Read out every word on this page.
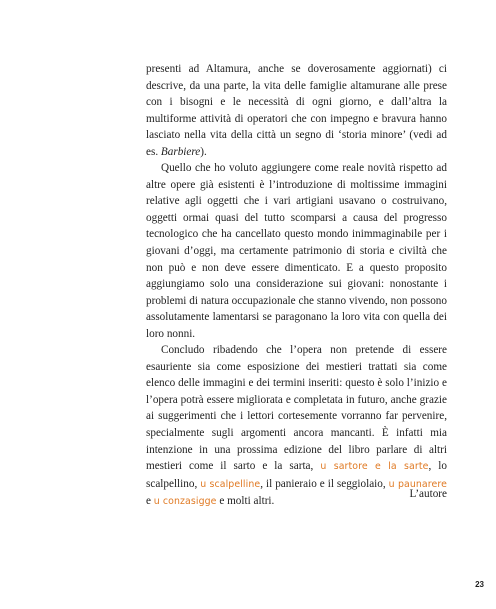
presenti ad Altamura, anche se doverosamente aggiornati) ci descrive, da una parte, la vita delle famiglie altamurane alle prese con i bisogni e le necessità di ogni giorno, e dall’altra la multiforme attività di operatori che con impegno e bravura hanno lasciato nella vita della città un segno di ‘storia minore’ (vedi ad es. Barbiere).

Quello che ho voluto aggiungere come reale novità rispetto ad altre opere già esistenti è l’introduzione di moltissime immagini relative agli oggetti che i vari artigiani usavano o costruivano, oggetti ormai quasi del tutto scomparsi a causa del progresso tecnologico che ha cancellato questo mondo inimmaginabile per i giovani d’oggi, ma certamente patrimonio di storia e civiltà che non può e non deve essere dimenticato. E a questo proposito aggiungiamo solo una considerazione sui giovani: nonostante i problemi di natura occupazionale che stanno vivendo, non possono assolutamente lamentarsi se paragonano la loro vita con quella dei loro nonni.

Concludo ribadendo che l’opera non pretende di essere esauriente sia come esposizione dei mestieri trattati sia come elenco delle immagini e dei termini inseriti: questo è solo l’inizio e l’opera potrà essere migliorata e completata in futuro, anche grazie ai suggerimenti che i lettori cortesemente vorranno far pervenire, specialmente sugli argomenti ancora mancanti. È infatti mia intenzione in una prossima edizione del libro parlare di altri mestieri come il sarto e la sarta, u sartore e la sarte, lo scalpellino, u scalpelline, il panieraio e il seggiolaio, u paunarere e u conzasigge e molti altri.

L’autore
23
